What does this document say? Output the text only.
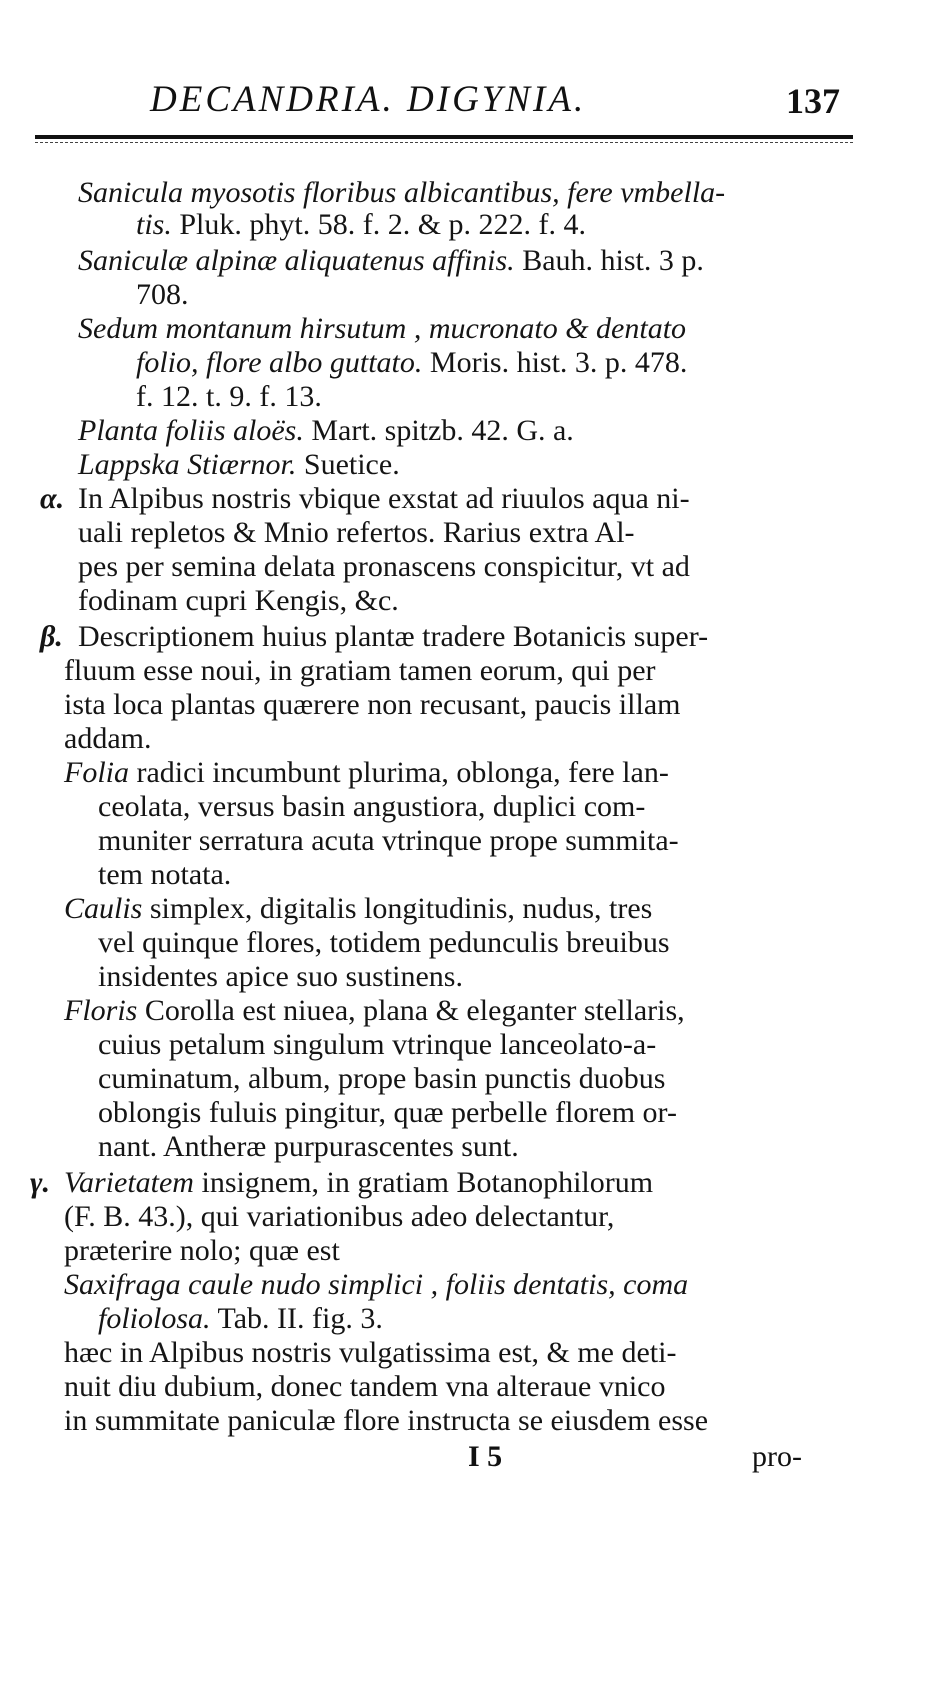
DECANDRIA. DIGYNIA.	137
Sanicula myosotis floribus albicantibus, fere vmbella-
tis. Pluk. phyt. 58. f. 2. & p. 222. f. 4.
Saniculæ alpinæ aliquatenus affinis. Bauh. hist. 3 p.
708.
Sedum montanum hirsutum , mucronato & dentato
folio, flore albo guttato. Moris. hist. 3. p. 478.
f. 12. t. 9. f. 13.
Planta foliis aloës. Mart. spitzb. 42. G. a.
Lappska Stiærnor. Suetice.
α. In Alpibus nostris vbique exstat ad riuulos aqua ni-
uali repletos & Mnio refertos. Rarius extra Al-
pes per semina delata pronascens conspicitur, vt ad
fodinam cupri Kengis, &c.
β. Descriptionem huius plantæ tradere Botanicis super-
fluum esse noui, in gratiam tamen eorum, qui per
ista loca plantas quærere non recusant, paucis illam
addam.
Folia radici incumbunt plurima, oblonga, fere lan-
ceolata, versus basin angustiora, duplici com-
muniter serratura acuta vtrinque prope summita-
tem notata.
Caulis simplex, digitalis longitudinis, nudus, tres
vel quinque flores, totidem pedunculis breuibus
insidentes apice suo sustinens.
Floris Corolla est niuea, plana & eleganter stellaris,
cuius petalum singulum vtrinque lanceolato-a-
cuminatum, album, prope basin punctis duobus
oblongis fuluis pingitur, quæ perbelle florem or-
nant. Antheræ purpurascentes sunt.
γ. Varietatem insignem, in gratiam Botanophilorum
(F. B. 43.), qui variationibus adeo delectantur,
præterire nolo; quæ est
Saxifraga caule nudo simplici , foliis dentatis, coma
foliolosa. Tab. II. fig. 3.
hæc in Alpibus nostris vulgatissima est, & me deti-
nuit diu dubium, donec tandem vna alteraue vnico
in summitate paniculæ flore instructa se eiusdem esse
I 5	pro-
